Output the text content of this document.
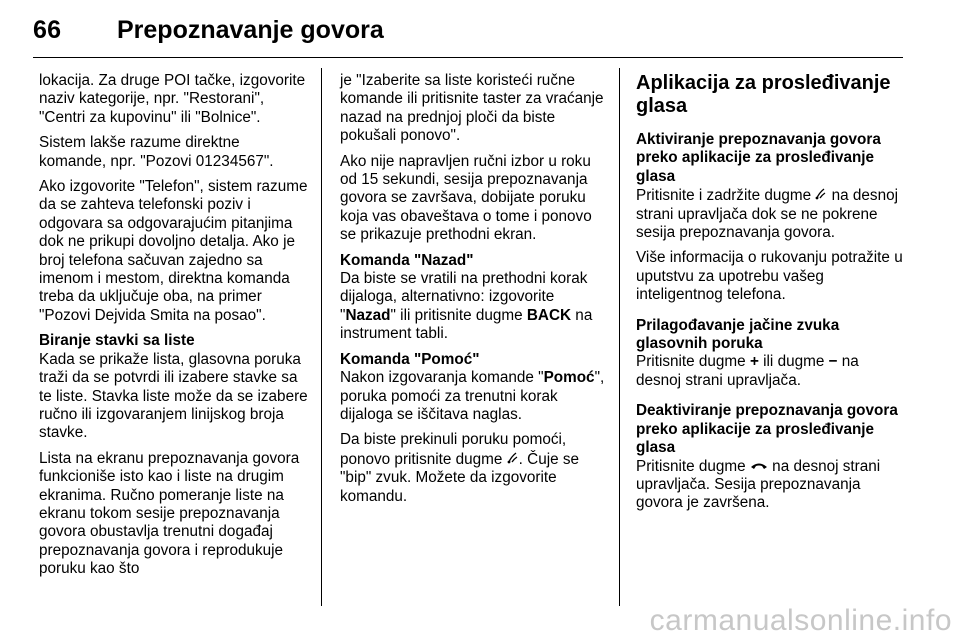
66 Prepoznavanje govora

lokacija. Za druge POI tačke, izgovorite naziv kategorije, npr. "Restorani", "Centri za kupovinu" ili "Bolnice".

Sistem lakše razume direktne komande, npr. "Pozovi 01234567".

Ako izgovorite "Telefon", sistem razume da se zahteva telefonski poziv i odgovara sa odgovarajućim pitanjima dok ne prikupi dovoljno detalja. Ako je broj telefona sačuvan zajedno sa imenom i mestom, direktna komanda treba da uključuje oba, na primer "Pozovi Dejvida Smita na posao".

Biranje stavki sa liste

Kada se prikaže lista, glasovna poruka traži da se potvrdi ili izabere stavke sa te liste. Stavka liste može da se izabere ručno ili izgovaranjem linijskog broja stavke.

Lista na ekranu prepoznavanja govora funkcioniše isto kao i liste na drugim ekranima. Ručno pomeranje liste na ekranu tokom sesije prepoznavanja govora obustavlja trenutni događaj prepoznavanja govora i reprodukuje poruku kao što

je "Izaberite sa liste koristeći ručne komande ili pritisnite taster za vraćanje nazad na prednjoj ploči da biste pokušali ponovo".

Ako nije napravljen ručni izbor u roku od 15 sekundi, sesija prepoznavanja govora se završava, dobijate poruku koja vas obaveštava o tome i ponovo se prikazuje prethodni ekran.

Komanda "Nazad"

Da biste se vratili na prethodni korak dijaloga, alternativno: izgovorite "Nazad" ili pritisnite dugme BACK na instrument tabli.

Komanda "Pomoć"

Nakon izgovaranja komande "Pomoć", poruka pomoći za trenutni korak dijaloga se iščitava naglas.

Da biste prekinuli poruku pomoći, ponovo pritisnite dugme . Čuje se "bip" zvuk. Možete da izgovorite komandu.

Aplikacija za prosleđivanje glasa
Aktiviranje prepoznavanja govora preko aplikacije za prosleđivanje glasa

Pritisnite i zadržite dugme  na desnoj strani upravljača dok se ne pokrene sesija prepoznavanja govora.

Više informacija o rukovanju potražite u uputstvu za upotrebu vašeg inteligentnog telefona.

Prilagođavanje jačine zvuka glasovnih poruka

Pritisnite dugme + ili dugme − na desnoj strani upravljača.

Deaktiviranje prepoznavanja govora preko aplikacije za prosleđivanje glasa

Pritisnite dugme  na desnoj strani upravljača. Sesija prepoznavanja govora je završena.

carmanualsonline.info
